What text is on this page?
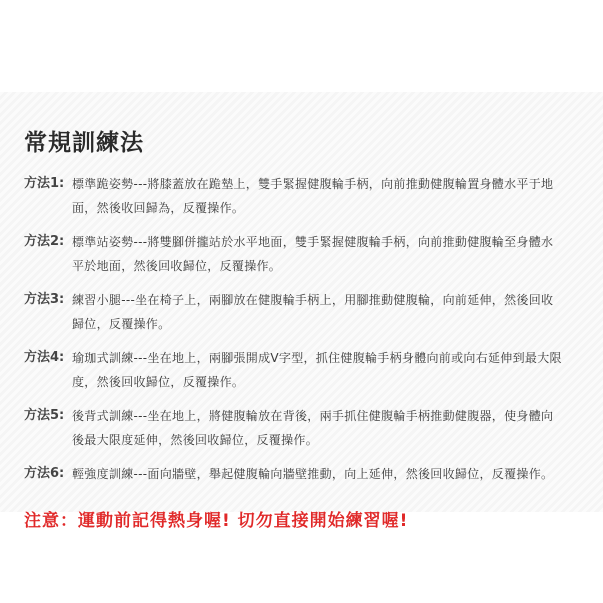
常規訓練法
方法1: 標準跪姿勢---將膝蓋放在跪墊上，雙手緊握健腹輪手柄，向前推動健腹輪置身體水平于地面，然後收回歸為，反覆操作。
方法2: 標準站姿勢---將雙腳併攏站於水平地面，雙手緊握健腹輪手柄，向前推動健腹輪至身體水平於地面，然後回收歸位，反覆操作。
方法3: 練習小腿---坐在椅子上，兩腳放在健腹輪手柄上，用腳推動健腹輪，向前延伸，然後回收歸位，反覆操作。
方法4: 瑜珈式訓練---坐在地上，兩腳張開成V字型，抓住健腹輪手柄身體向前或向右延伸到最大限度，然後回收歸位，反覆操作。
方法5: 後背式訓練---坐在地上，將健腹輪放在背後，兩手抓住健腹輪手柄推動健腹器，使身體向後最大限度延伸，然後回收歸位，反覆操作。
方法6: 輕強度訓練---面向牆壁，舉起健腹輪向牆壁推動，向上延伸，然後回收歸位，反覆操作。
注意：運動前記得熱身喔! 切勿直接開始練習喔!
